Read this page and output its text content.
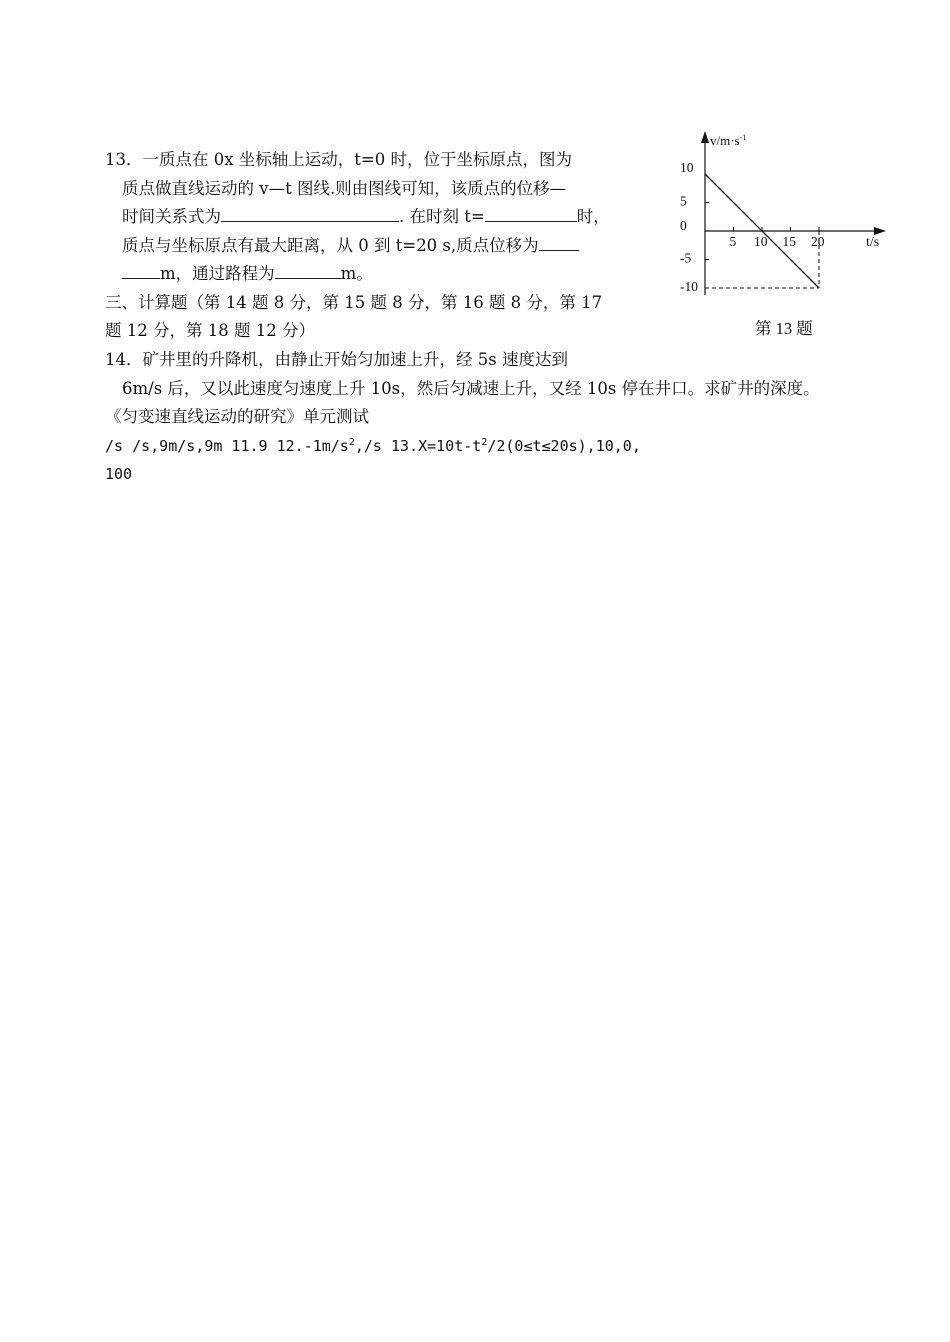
13．一质点在 0x 坐标轴上运动，t=0 时，位于坐标原点，图为
质点做直线运动的 v—t 图线.则由图线可知，该质点的位移—
时间关系式为	. 在时刻 t=	时，
质点与坐标原点有最大距离，从 0 到 t=20 s,质点位移为
m，通过路程为	m。
三、计算题（第 14 题 8 分，第 15 题 8 分，第 16 题 8 分，第 17
题 12 分，第 18 题 12 分）
14．矿井里的升降机，由静止开始匀加速上升，经 5s 速度达到
6m/s 后，又以此速度匀速度上升 10s，然后匀减速上升，又经 10s 停在井口。求矿井的深度。
《匀变速直线运动的研究》单元测试
/s /s,9m/s,9m 11.9 $12.-1m/s^2,/s$ $13.X=10t-t^2/2(0\le t\le 20s),10,0$,
100
$v/m\cdot s^{-1}$
t/s
5 10 15 20
10
5
0
-5
-10
第 13 题
